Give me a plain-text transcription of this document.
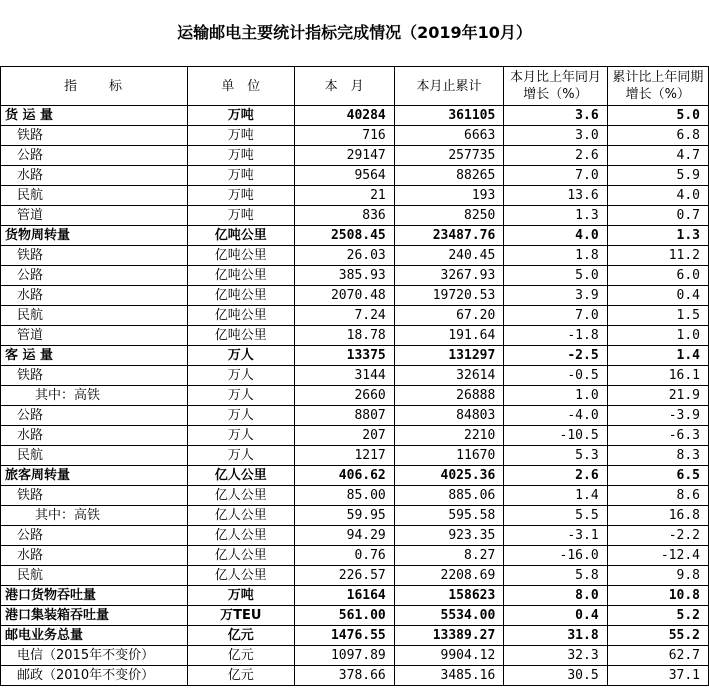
运输邮电主要统计指标完成情况（2019年10月）
指　　标	单　位	本　月	本月止累计	本月比上年同月增长（%）	累计比上年同期增长（%）
货 运 量	万吨	40284	361105	3.6	5.0
铁路	万吨	716	6663	3.0	6.8
公路	万吨	29147	257735	2.6	4.7
水路	万吨	9564	88265	7.0	5.9
民航	万吨	21	193	13.6	4.0
管道	万吨	836	8250	1.3	0.7
货物周转量	亿吨公里	2508.45	23487.76	4.0	1.3
铁路	亿吨公里	26.03	240.45	1.8	11.2
公路	亿吨公里	385.93	3267.93	5.0	6.0
水路	亿吨公里	2070.48	19720.53	3.9	0.4
民航	亿吨公里	7.24	67.20	7.0	1.5
管道	亿吨公里	18.78	191.64	-1.8	1.0
客 运 量	万人	13375	131297	-2.5	1.4
铁路	万人	3144	32614	-0.5	16.1
其中：高铁	万人	2660	26888	1.0	21.9
公路	万人	8807	84803	-4.0	-3.9
水路	万人	207	2210	-10.5	-6.3
民航	万人	1217	11670	5.3	8.3
旅客周转量	亿人公里	406.62	4025.36	2.6	6.5
铁路	亿人公里	85.00	885.06	1.4	8.6
其中：高铁	亿人公里	59.95	595.58	5.5	16.8
公路	亿人公里	94.29	923.35	-3.1	-2.2
水路	亿人公里	0.76	8.27	-16.0	-12.4
民航	亿人公里	226.57	2208.69	5.8	9.8
港口货物吞吐量	万吨	16164	158623	8.0	10.8
港口集装箱吞吐量	万TEU	561.00	5534.00	0.4	5.2
邮电业务总量	亿元	1476.55	13389.27	31.8	55.2
电信（2015年不变价）	亿元	1097.89	9904.12	32.3	62.7
邮政（2010年不变价）	亿元	378.66	3485.16	30.5	37.1
